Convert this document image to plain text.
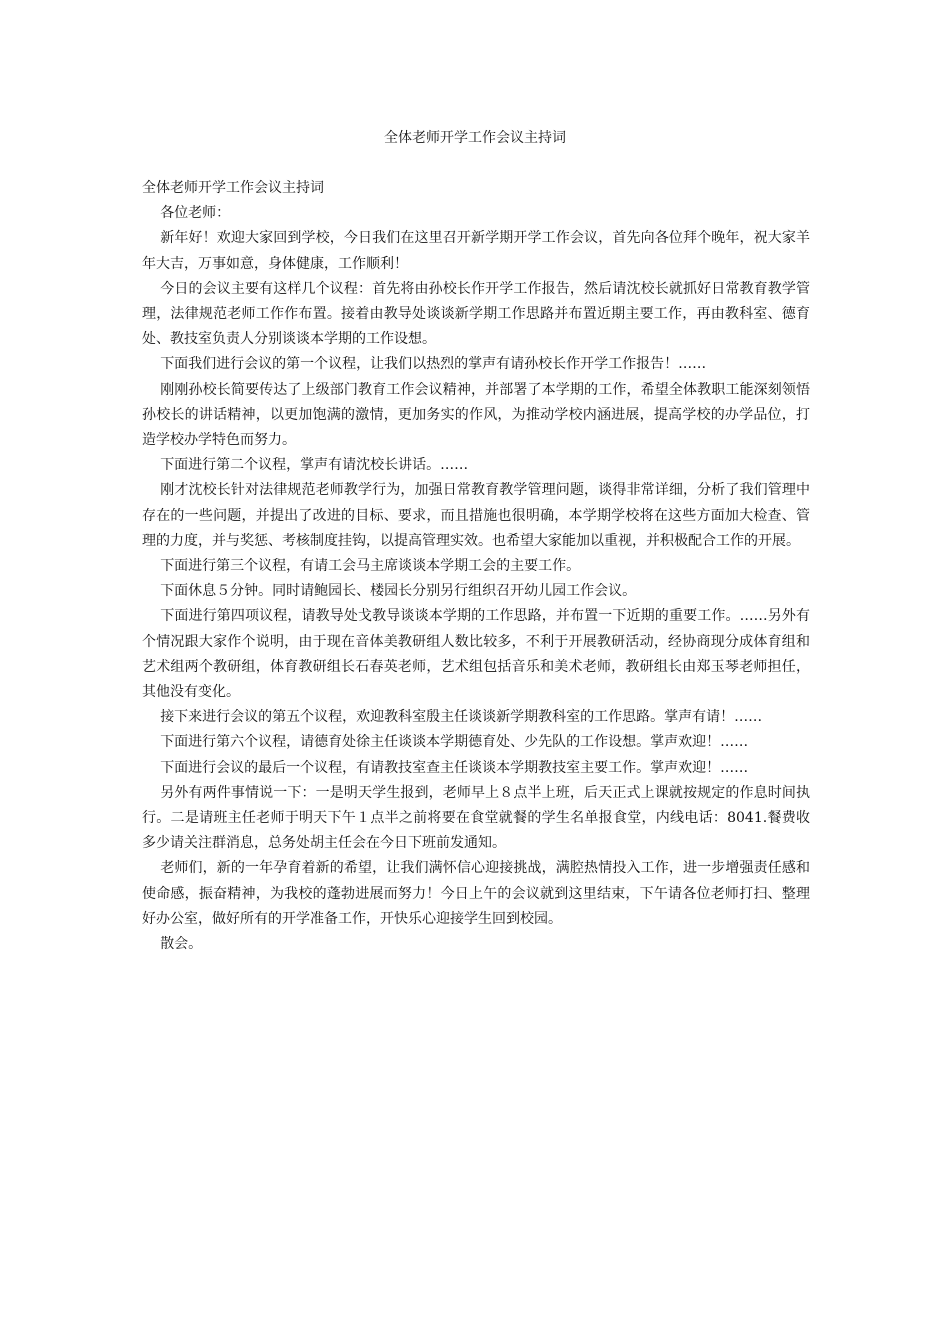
全体老师开学工作会议主持词

全体老师开学工作会议主持词

各位老师：

新年好！欢迎大家回到学校，今日我们在这里召开新学期开学工作会议，首先向各位拜个晚年，祝大家羊年大吉，万事如意，身体健康，工作顺利！

今日的会议主要有这样几个议程：首先将由孙校长作开学工作报告，然后请沈校长就抓好日常教育教学管理，法律规范老师工作作布置。接着由教导处谈谈新学期工作思路并布置近期主要工作，再由教科室、德育处、教技室负责人分别谈谈本学期的工作设想。

下面我们进行会议的第一个议程，让我们以热烈的掌声有请孙校长作开学工作报告！……

刚刚孙校长简要传达了上级部门教育工作会议精神，并部署了本学期的工作，希望全体教职工能深刻领悟孙校长的讲话精神，以更加饱满的激情，更加务实的作风，为推动学校内涵进展，提高学校的办学品位，打造学校办学特色而努力。

下面进行第二个议程，掌声有请沈校长讲话。……

刚才沈校长针对法律规范老师教学行为，加强日常教育教学管理问题，谈得非常详细，分析了我们管理中存在的一些问题，并提出了改进的目标、要求，而且措施也很明确，本学期学校将在这些方面加大检查、管理的力度，并与奖惩、考核制度挂钩，以提高管理实效。也希望大家能加以重视，并积极配合工作的开展。

下面进行第三个议程，有请工会马主席谈谈本学期工会的主要工作。

下面休息５分钟。同时请鲍园长、楼园长分别另行组织召开幼儿园工作会议。

下面进行第四项议程，请教导处戈教导谈谈本学期的工作思路，并布置一下近期的重要工作。……另外有个情况跟大家作个说明，由于现在音体美教研组人数比较多，不利于开展教研活动，经协商现分成体育组和艺术组两个教研组，体育教研组长石春英老师，艺术组包括音乐和美术老师，教研组长由郑玉琴老师担任，其他没有变化。

接下来进行会议的第五个议程，欢迎教科室殷主任谈谈新学期教科室的工作思路。掌声有请！……

下面进行第六个议程，请德育处徐主任谈谈本学期德育处、少先队的工作设想。掌声欢迎！……

下面进行会议的最后一个议程，有请教技室查主任谈谈本学期教技室主要工作。掌声欢迎！……

另外有两件事情说一下：一是明天学生报到，老师早上８点半上班，后天正式上课就按规定的作息时间执行。二是请班主任老师于明天下午１点半之前将要在食堂就餐的学生名单报食堂，内线电话：8041.餐费收多少请关注群消息，总务处胡主任会在今日下班前发通知。

老师们，新的一年孕育着新的希望，让我们满怀信心迎接挑战，满腔热情投入工作，进一步增强责任感和使命感，振奋精神，为我校的蓬勃进展而努力！今日上午的会议就到这里结束，下午请各位老师打扫、整理好办公室，做好所有的开学准备工作，开快乐心迎接学生回到校园。

散会。
